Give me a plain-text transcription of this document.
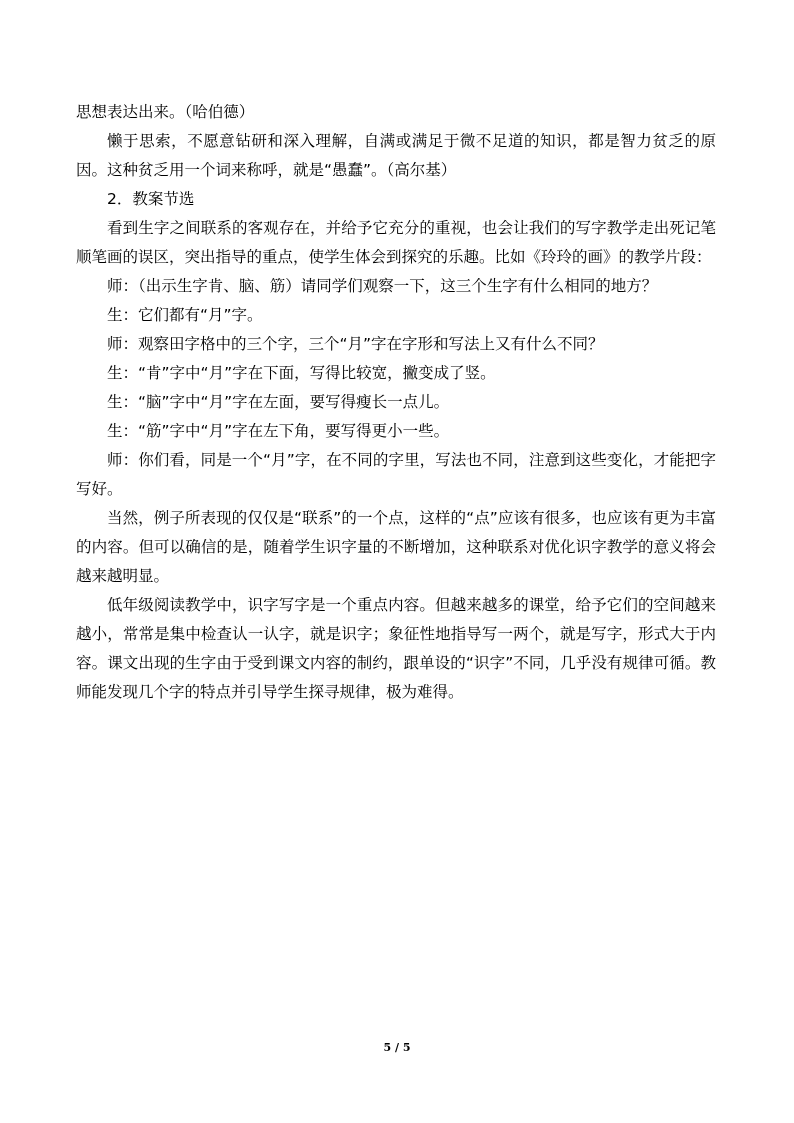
思想表达出来。（哈伯德）

懒于思索，不愿意钻研和深入理解，自满或满足于微不足道的知识，都是智力贫乏的原因。这种贫乏用一个词来称呼，就是“愚蠢”。（高尔基）

2．教案节选

看到生字之间联系的客观存在，并给予它充分的重视，也会让我们的写字教学走出死记笔顺笔画的误区，突出指导的重点，使学生体会到探究的乐趣。比如《玲玲的画》的教学片段：

师：（出示生字肯、脑、筋）请同学们观察一下，这三个生字有什么相同的地方？

生：它们都有“月”字。

师：观察田字格中的三个字，三个“月”字在字形和写法上又有什么不同？

生：“肯”字中“月”字在下面，写得比较宽，撇变成了竖。

生：“脑”字中“月”字在左面，要写得瘦长一点儿。

生：“筋”字中“月”字在左下角，要写得更小一些。

师：你们看，同是一个“月”字，在不同的字里，写法也不同，注意到这些变化，才能把字写好。

当然，例子所表现的仅仅是“联系”的一个点，这样的“点”应该有很多，也应该有更为丰富的内容。但可以确信的是，随着学生识字量的不断增加，这种联系对优化识字教学的意义将会越来越明显。

低年级阅读教学中，识字写字是一个重点内容。但越来越多的课堂，给予它们的空间越来越小，常常是集中检查认一认字，就是识字；象征性地指导写一两个，就是写字，形式大于内容。课文出现的生字由于受到课文内容的制约，跟单设的“识字”不同，几乎没有规律可循。教师能发现几个字的特点并引导学生探寻规律，极为难得。

5 / 5
